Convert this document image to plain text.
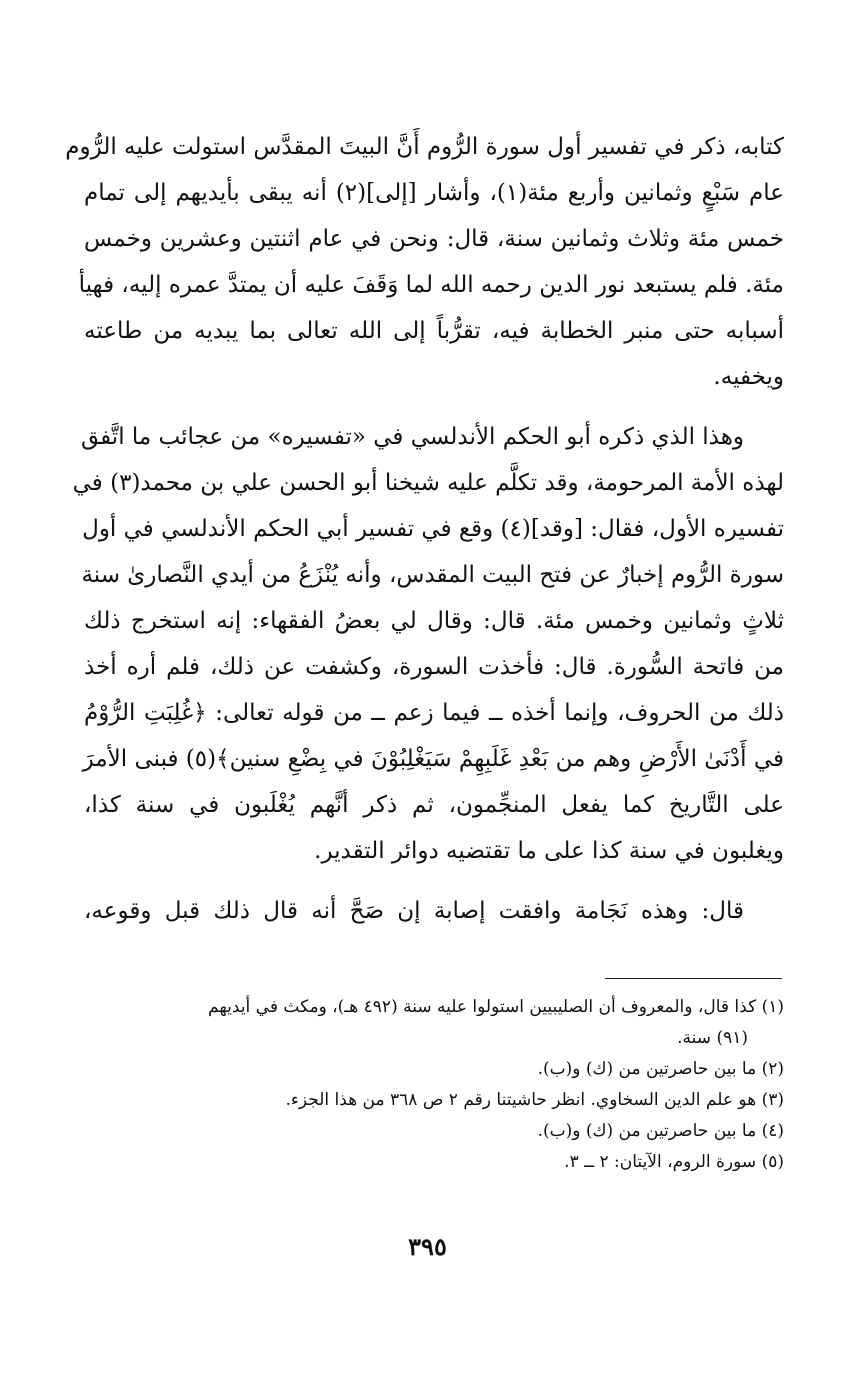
كتابه، ذكر في تفسير أول سورة الرُّوم أَنَّ البيتَ المقدَّس استولت عليه الرُّوم
عام سَبْعٍ وثمانين وأربع مئة(١)، وأشار [إلى](٢) أنه يبقى بأيديهم إلى تمام
خمس مئة وثلاث وثمانين سنة، قال: ونحن في عام اثنتين وعشرين وخمس
مئة. فلم يستبعد نور الدين رحمه الله لما وَقَفَ عليه أن يمتدَّ عمره إليه، فهيأ
أسبابه حتى منبر الخطابة فيه، تقرُّباً إلى الله تعالى بما يبديه من طاعته
ويخفيه.
وهذا الذي ذكره أبو الحكم الأندلسي في «تفسيره» من عجائب ما اتَّفق
لهذه الأمة المرحومة، وقد تكلَّم عليه شيخنا أبو الحسن علي بن محمد(٣) في
تفسيره الأول، فقال: [وقد](٤) وقع في تفسير أبي الحكم الأندلسي في أول
سورة الرُّوم إخبارٌ عن فتح البيت المقدس، وأنه يُنْزَعُ من أيدي النَّصارىٰ سنة
ثلاثٍ وثمانين وخمس مئة. قال: وقال لي بعضُ الفقهاء: إنه استخرج ذلك
من فاتحة السُّورة. قال: فأخذت السورة، وكشفت عن ذلك، فلم أره أخذ
ذلك من الحروف، وإنما أخذه ــ فيما زعم ــ من قوله تعالى: ﴿غُلِبَتِ الرُّوْمُ
في أَدْنَىٰ الأَرْضِ وهم من بَعْدِ غَلَبِهِمْ سَيَغْلِبُوْنَ في بِضْعِ سنين﴾(٥) فبنى الأمرَ
على التَّاريخ كما يفعل المنجِّمون، ثم ذكر أنَّهم يُغْلَبون في سنة كذا،
ويغلبون في سنة كذا على ما تقتضيه دوائر التقدير.
قال: وهذه نَجَامة وافقت إصابة إن صَحَّ أنه قال ذلك قبل وقوعه،
(١) كذا قال، والمعروف أن الصليبيين استولوا عليه سنة (٤٩٢ هـ)، ومكث في أيديهم
(٩١) سنة.
(٢) ما بين حاصرتين من (ك) و(ب).
(٣) هو علم الدين السخاوي. انظر حاشيتنا رقم ٢ ص ٣٦٨ من هذا الجزء.
(٤) ما بين حاصرتين من (ك) و(ب).
(٥) سورة الروم، الآيتان: ٢ ــ ٣.
٣٩٥
